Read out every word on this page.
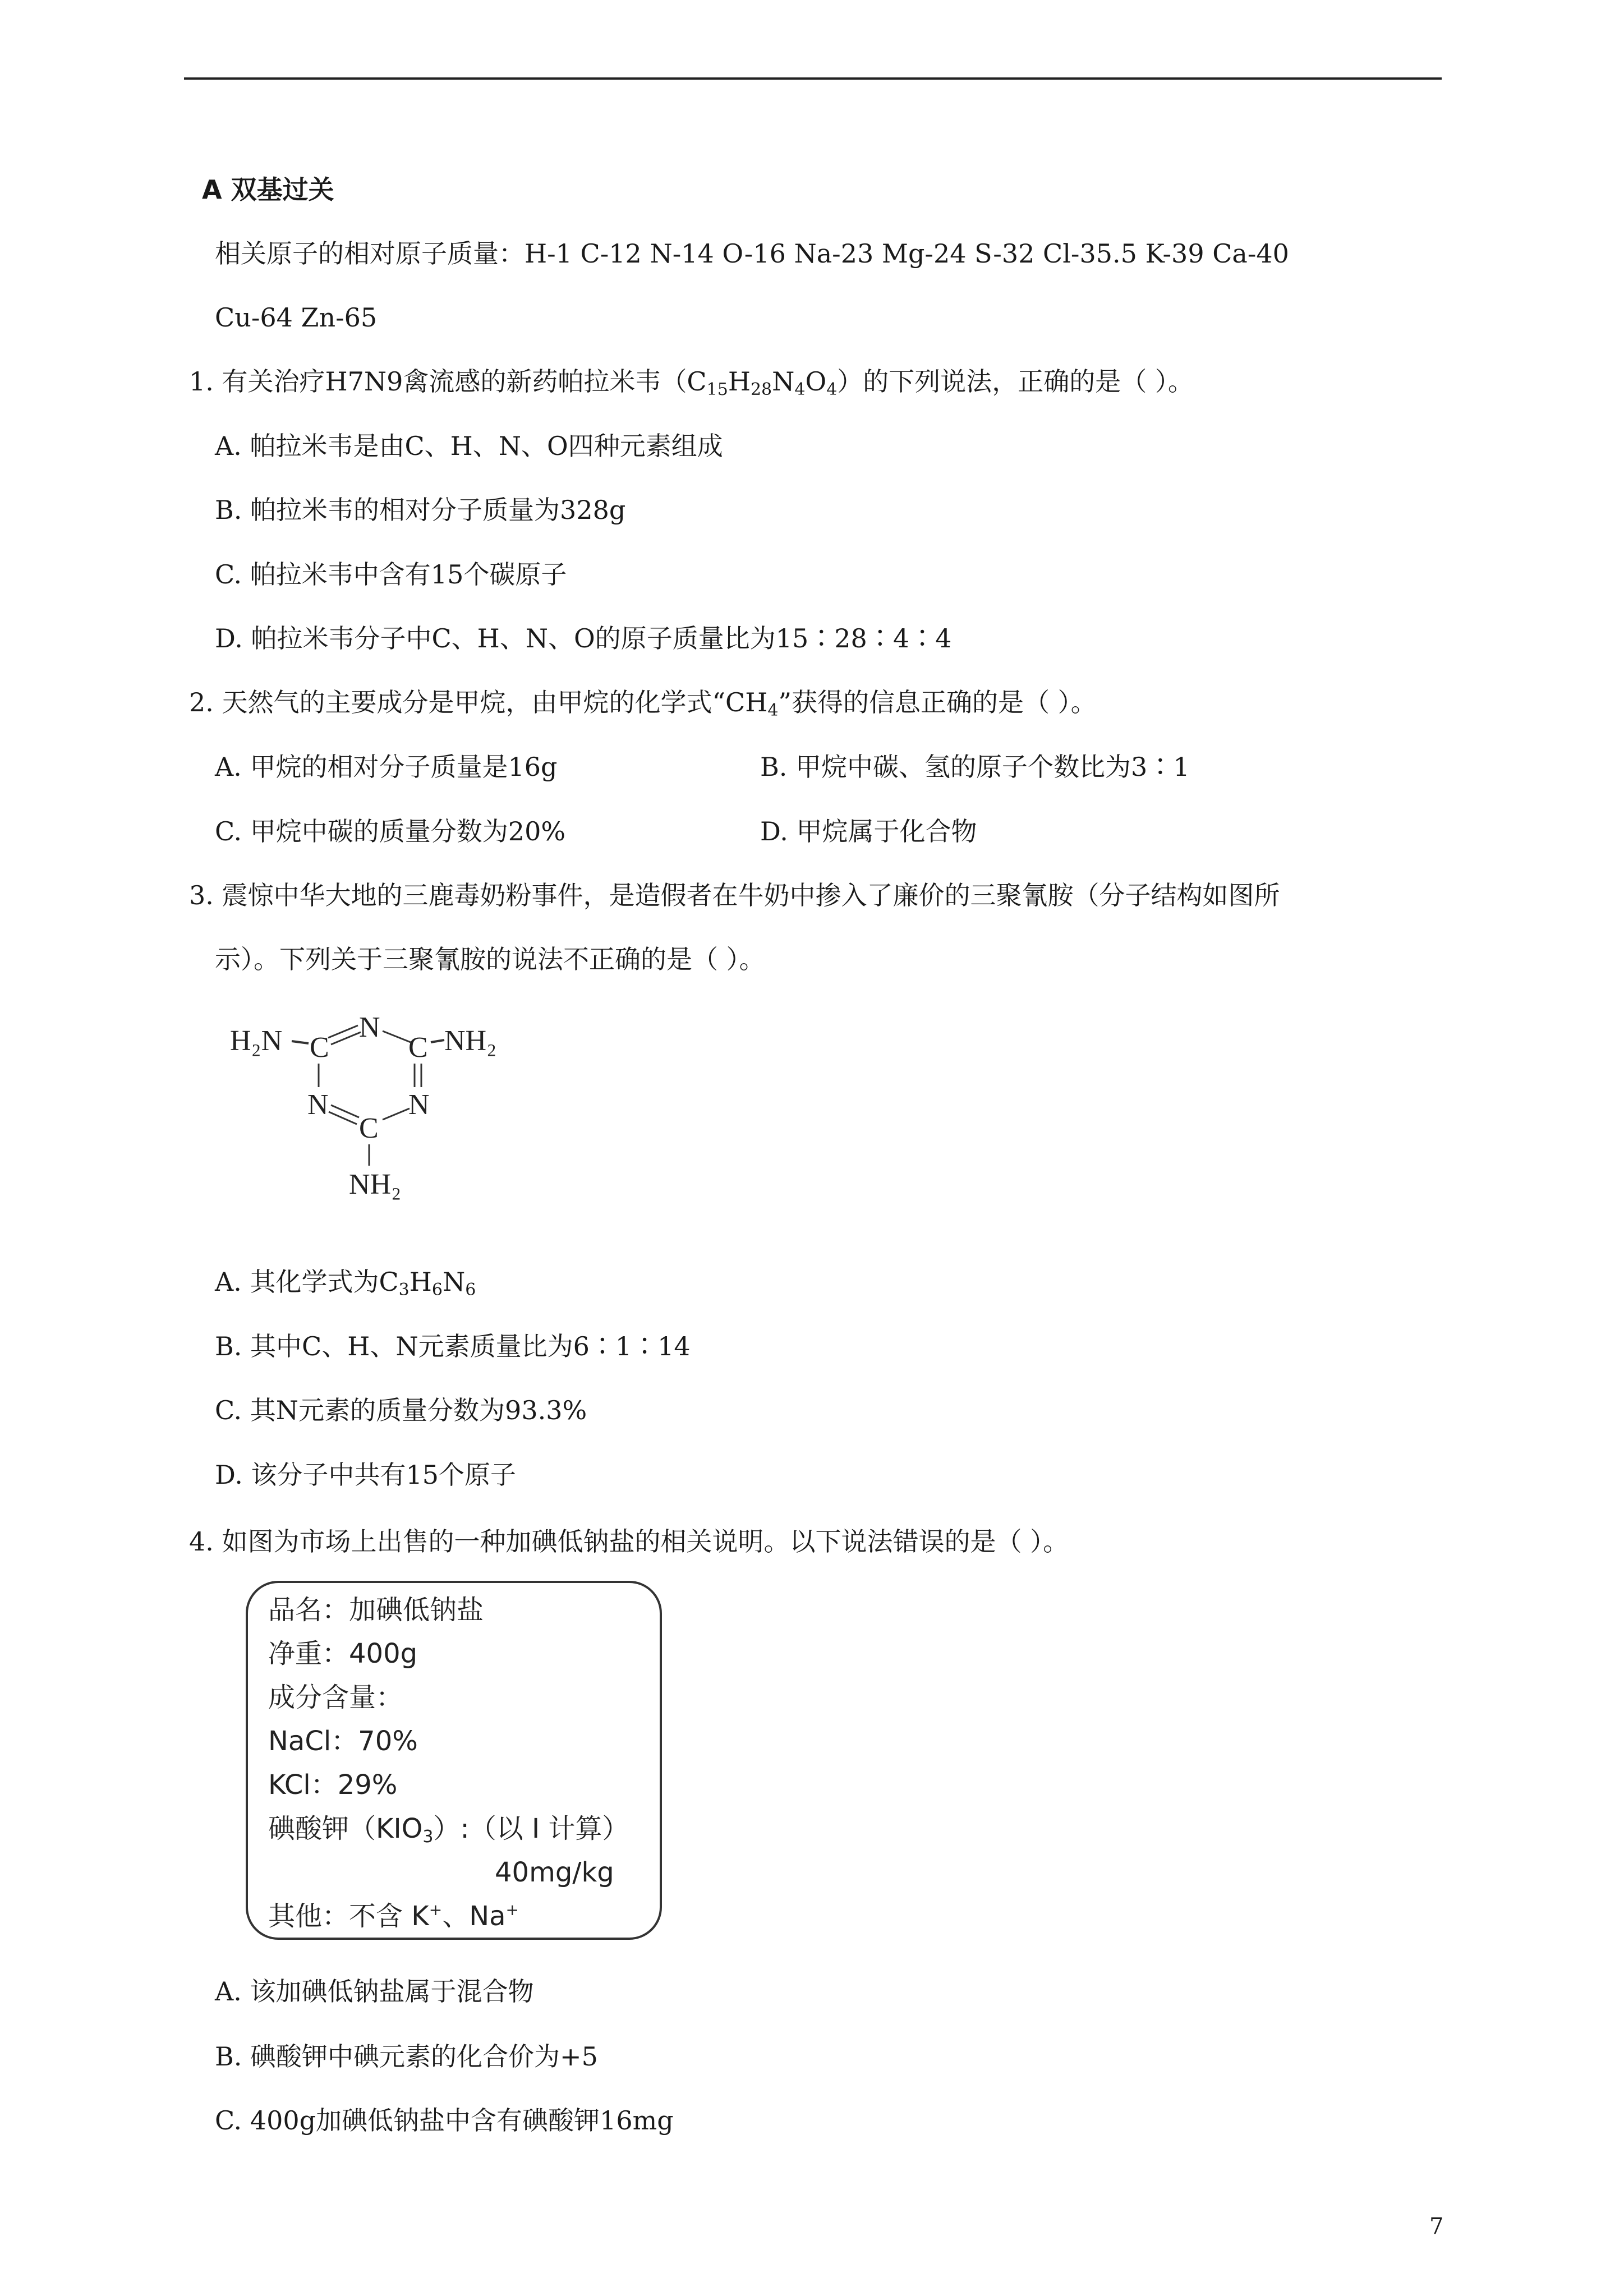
A 双基过关
相关原子的相对原子质量：H-1 C-12 N-14 O-16 Na-23 Mg-24 S-32 Cl-35.5 K-39 Ca-40
Cu-64 Zn-65
1. 有关治疗H7N9禽流感的新药帕拉米韦$(C_{15}H_{28}N_4O_4)$的下列说法，正确的是（ ）。
A. 帕拉米韦是由C、H、N、O四种元素组成
B. 帕拉米韦的相对分子质量为328g
C. 帕拉米韦中含有15个碳原子
D. 帕拉米韦分子中C、H、N、O的原子质量比为15∶28∶4∶4
2. 天然气的主要成分是甲烷，由甲烷的化学式“$CH_4$”获得的信息正确的是（ ）。
A. 甲烷的相对分子质量是16g	B. 甲烷中碳、氢的原子个数比为3∶1
C. 甲烷中碳的质量分数为20%	D. 甲烷属于化合物
3. 震惊中华大地的三鹿毒奶粉事件，是造假者在牛奶中掺入了廉价的三聚氰胺（分子结构如图所
示）。下列关于三聚氰胺的说法不正确的是（ ）。
H₂N C
N
C NH₂
N	N
C
NH₂
A. 其化学式为$C_3H_6N_6$
B. 其中C、H、N元素质量比为6∶1∶14
C. 其N元素的质量分数为93.3%
D. 该分子中共有15个原子
4. 如图为市场上出售的一种加碘低钠盐的相关说明。以下说法错误的是（ ）。
品名：加碘低钠盐
净重：400g
成分含量：
NaCl：70%
KCl：29%
碘酸钾$(KIO_3)$:（以 I 计算）
40mg/kg
其他：不含 K+、Na+
A. 该加碘低钠盐属于混合物
B. 碘酸钾中碘元素的化合价为+5
C. 400g加碘低钠盐中含有碘酸钾16mg
7
